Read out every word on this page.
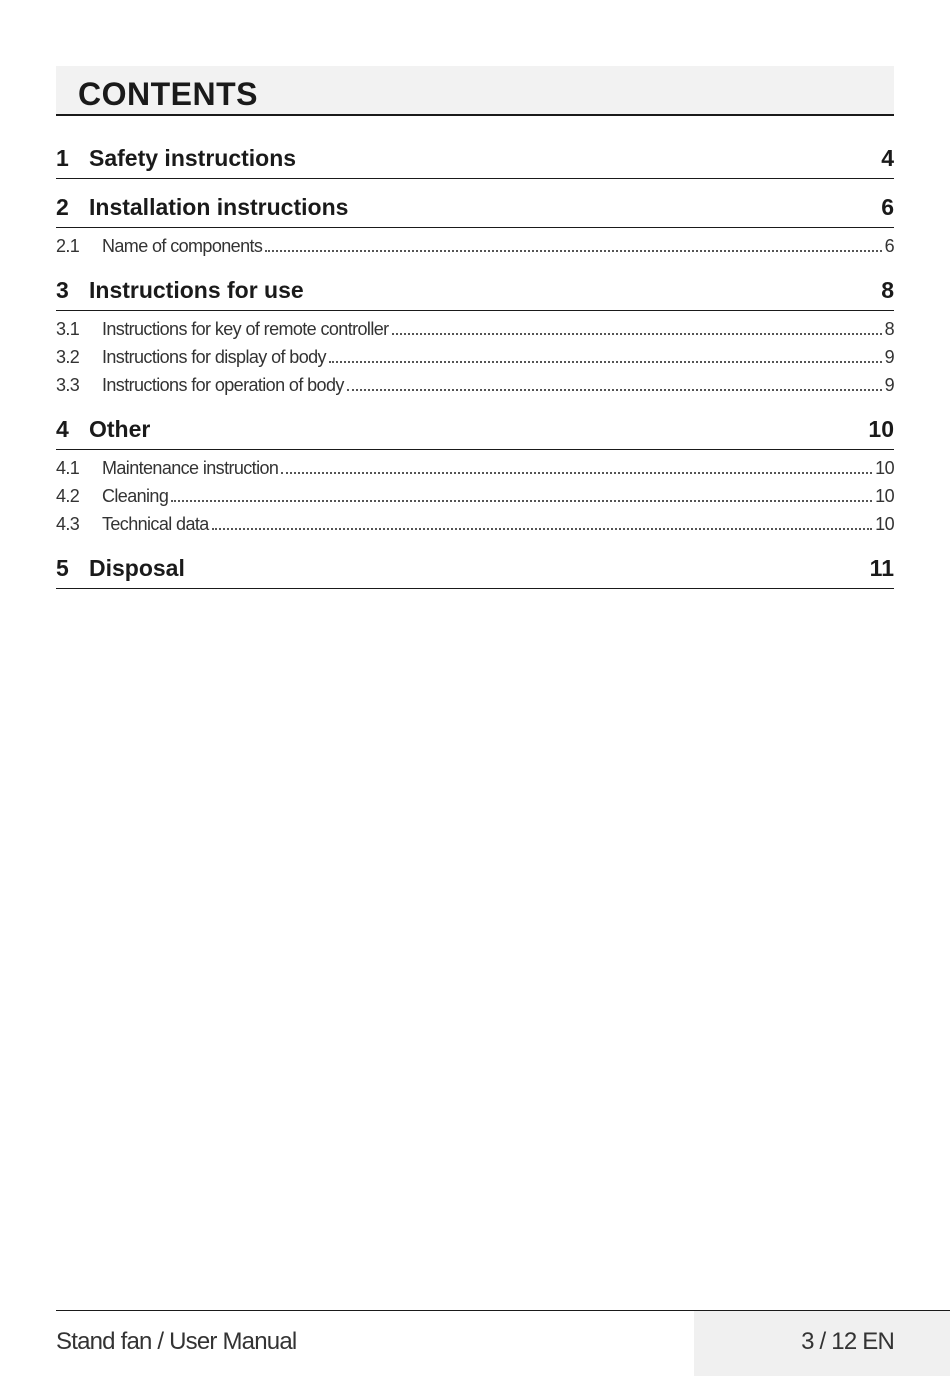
CONTENTS
1 Safety instructions	4
2 Installation instructions	6
2.1	Name of components	6
3 Instructions for use	8
3.1	Instructions for key of remote controller	8
3.2	Instructions for display of body	9
3.3	Instructions for operation of body	9
4 Other	10
4.1	Maintenance instruction	10
4.2	Cleaning	10
4.3	Technical data	10
5 Disposal	11
Stand fan / User Manual	3 / 12 EN
